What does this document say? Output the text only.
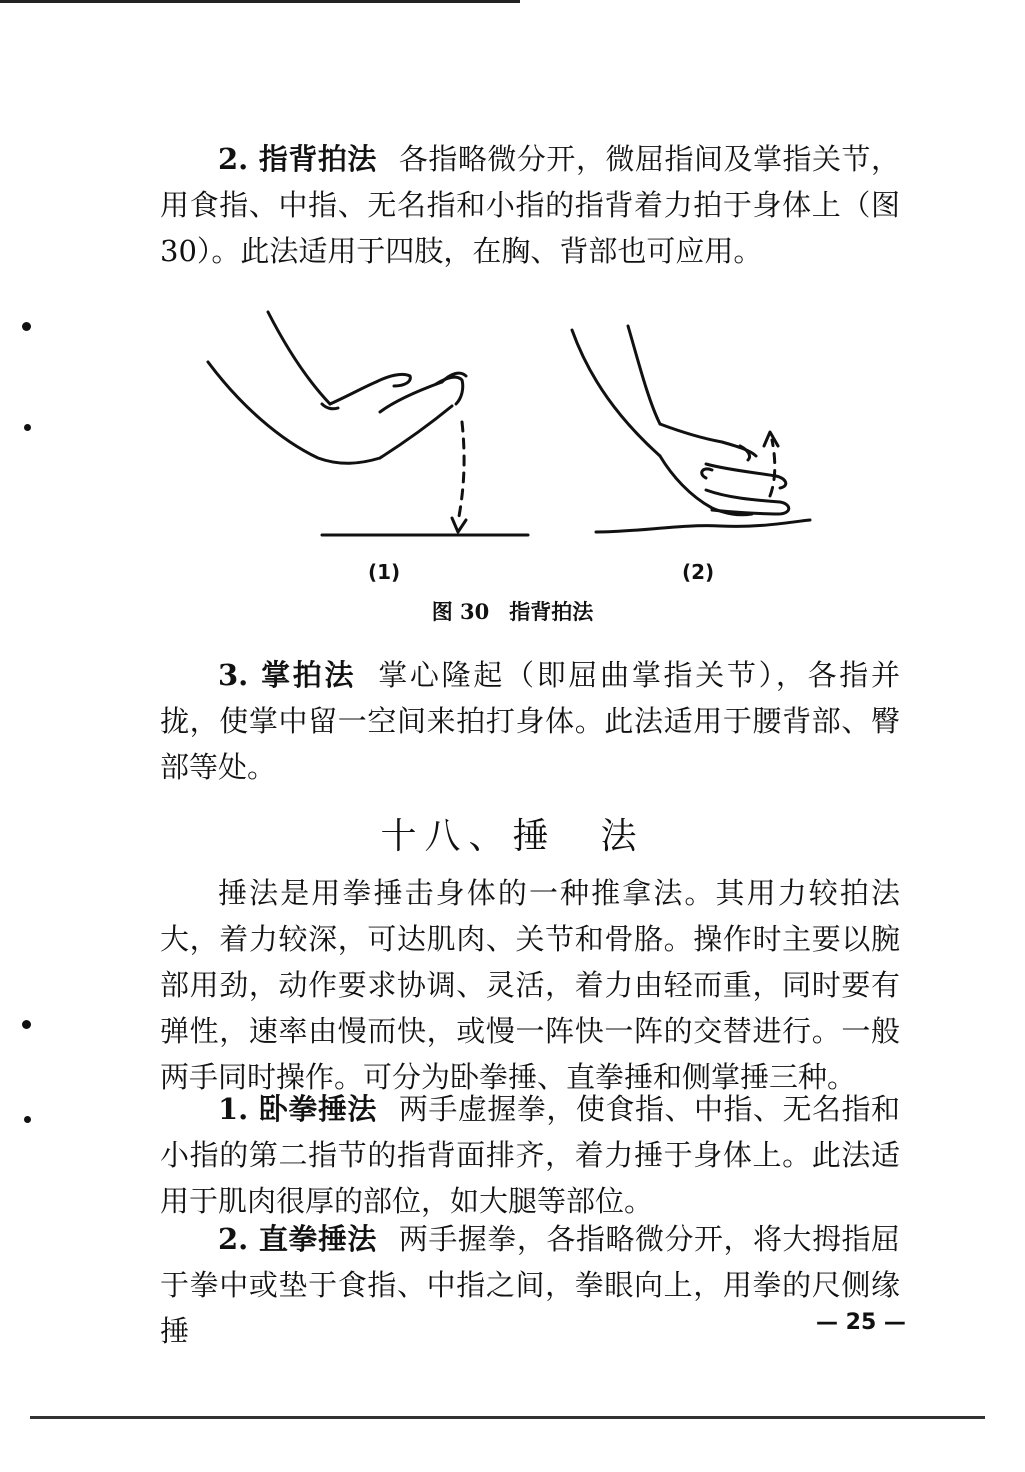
2. 指背拍法 各指略微分开，微屈指间及掌指关节，用食指、中指、无名指和小指的指背着力拍于身体上（图30）。此法适用于四肢，在胸、背部也可应用。

(1)	(2)
图 30 指背拍法

3. 掌拍法 掌心隆起（即屈曲掌指关节），各指并拢，使掌中留一空间来拍打身体。此法适用于腰背部、臀部等处。

十八、捶　法

捶法是用拳捶击身体的一种推拿法。其用力较拍法大，着力较深，可达肌肉、关节和骨胳。操作时主要以腕部用劲，动作要求协调、灵活，着力由轻而重，同时要有弹性，速率由慢而快，或慢一阵快一阵的交替进行。一般两手同时操作。可分为卧拳捶、直拳捶和侧掌捶三种。

1. 卧拳捶法 两手虚握拳，使食指、中指、无名指和小指的第二指节的指背面排齐，着力捶于身体上。此法适用于肌肉很厚的部位，如大腿等部位。

2. 直拳捶法 两手握拳，各指略微分开，将大拇指屈于拳中或垫于食指、中指之间，拳眼向上，用拳的尺侧缘捶	— 25 —
